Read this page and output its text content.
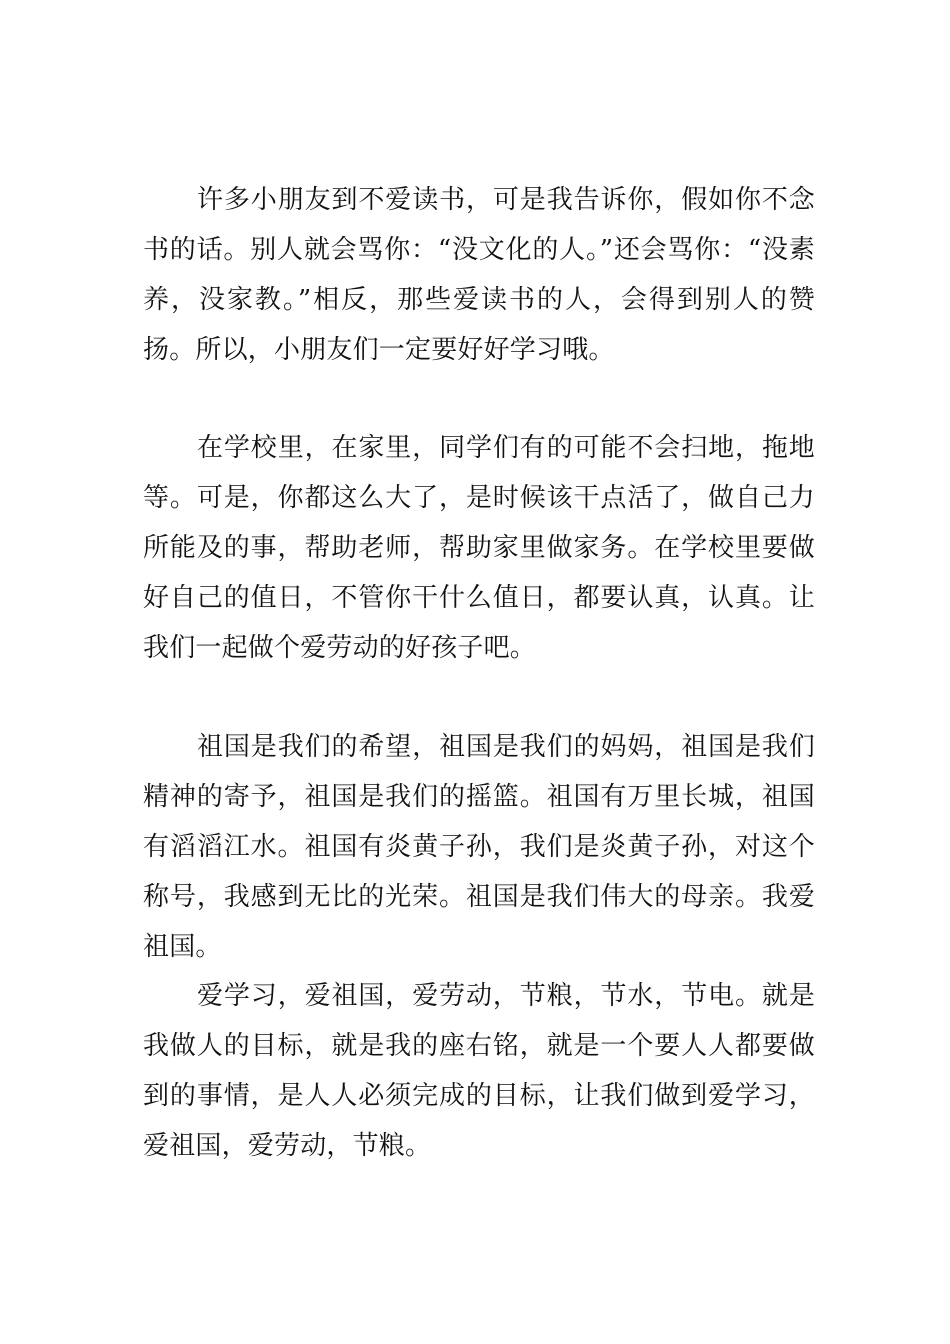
许多小朋友到不爱读书，可是我告诉你，假如你不念书的话。别人就会骂你：“没文化的人。”还会骂你：“没素养，没家教。”相反，那些爱读书的人，会得到别人的赞扬。所以，小朋友们一定要好好学习哦。

在学校里，在家里，同学们有的可能不会扫地，拖地等。可是，你都这么大了，是时候该干点活了，做自己力所能及的事，帮助老师，帮助家里做家务。在学校里要做好自己的值日，不管你干什么值日，都要认真，认真。让我们一起做个爱劳动的好孩子吧。

祖国是我们的希望，祖国是我们的妈妈，祖国是我们精神的寄予，祖国是我们的摇篮。祖国有万里长城，祖国有滔滔江水。祖国有炎黄子孙，我们是炎黄子孙，对这个称号，我感到无比的光荣。祖国是我们伟大的母亲。我爱祖国。

爱学习，爱祖国，爱劳动，节粮，节水，节电。就是我做人的目标，就是我的座右铭，就是一个要人人都要做到的事情，是人人必须完成的目标，让我们做到爱学习，爱祖国，爱劳动，节粮。
